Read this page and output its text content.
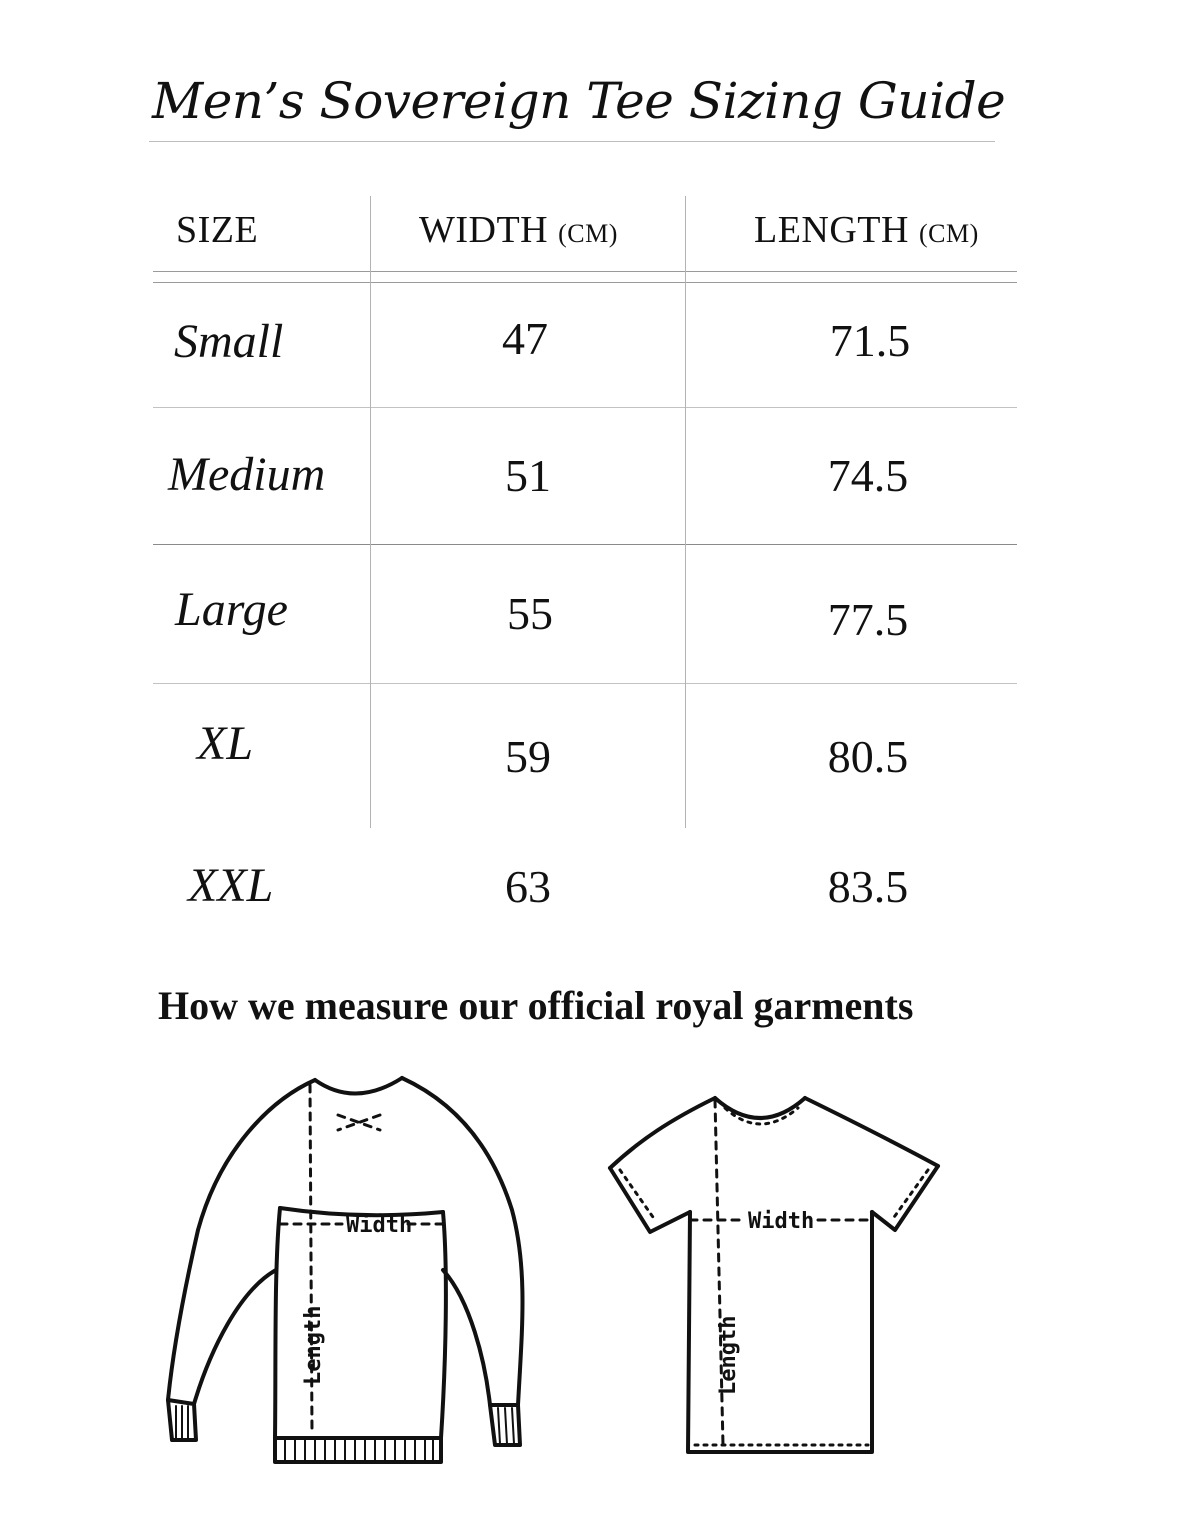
Men’s Sovereign Tee Sizing Guide
SIZE	WIDTH (CM)	LENGTH (CM)
Small	47	71.5
Medium	51	74.5
Large	55	77.5
XL	59	80.5
XXL	63	83.5
How we measure our official royal garments
Width
Length
Width
Length
